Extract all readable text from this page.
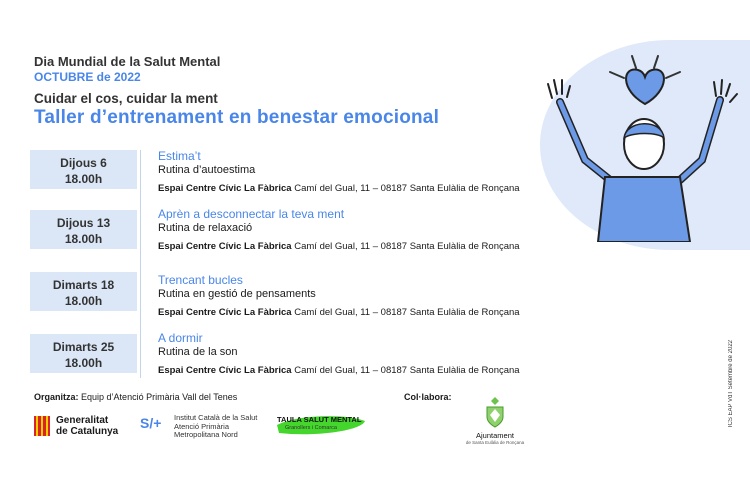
Dia Mundial de la Salut Mental
OCTUBRE de 2022
Cuidar el cos, cuidar la ment
Taller d’entrenament en benestar emocional
Dijous 6
18.00h
Estima’t
Rutina d’autoestima
Espai Centre Cívic La Fàbrica Camí del Gual, 11 – 08187 Santa Eulàlia de Ronçana
Dijous 13
18.00h
Aprèn a desconnectar la teva ment
Rutina de relaxació
Espai Centre Cívic La Fàbrica Camí del Gual, 11 – 08187 Santa Eulàlia de Ronçana
Dimarts 18
18.00h
Trencant bucles
Rutina en gestió de pensaments
Espai Centre Cívic La Fàbrica Camí del Gual, 11 – 08187 Santa Eulàlia de Ronçana
Dimarts 25
18.00h
A dormir
Rutina de la son
Espai Centre Cívic La Fàbrica Camí del Gual, 11 – 08187 Santa Eulàlia de Ronçana
Organitza: Equip d’Atenció Primària Vall del Tenes	Col·labora:
Generalitat
de Catalunya
S/+ Institut Català de la Salut
Atenció Primària
Metropolitana Nord
TAULA SALUT MENTAL
Granollers i Comarca
Ajuntament
de Santa Eulàlia de Ronçana
ICS EAP VdT Setembre de 2022
